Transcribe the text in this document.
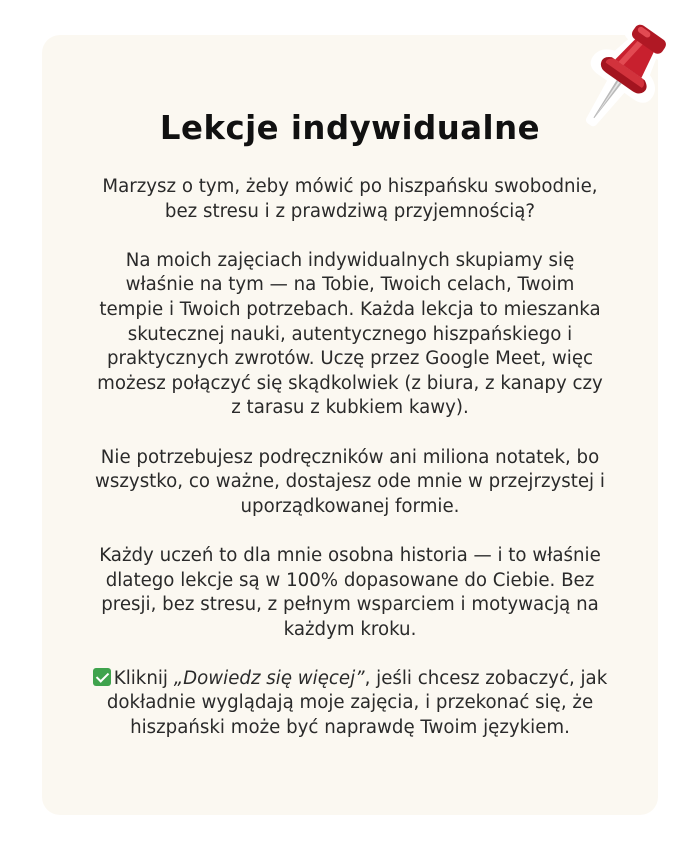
Lekcje indywidualne

Marzysz o tym, żeby mówić po hiszpańsku swobodnie, bez stresu i z prawdziwą przyjemnością?

Na moich zajęciach indywidualnych skupiamy się właśnie na tym — na Tobie, Twoich celach, Twoim tempie i Twoich potrzebach. Każda lekcja to mieszanka skutecznej nauki, autentycznego hiszpańskiego i praktycznych zwrotów. Uczę przez Google Meet, więc możesz połączyć się skądkolwiek (z biura, z kanapy czy z tarasu z kubkiem kawy).

Nie potrzebujesz podręczników ani miliona notatek, bo wszystko, co ważne, dostajesz ode mnie w przejrzystej i uporządkowanej formie.

Każdy uczeń to dla mnie osobna historia — i to właśnie dlatego lekcje są w 100% dopasowane do Ciebie. Bez presji, bez stresu, z pełnym wsparciem i motywacją na każdym kroku.

Kliknij „Dowiedz się więcej”, jeśli chcesz zobaczyć, jak dokładnie wyglądają moje zajęcia, i przekonać się, że hiszpański może być naprawdę Twoim językiem.
